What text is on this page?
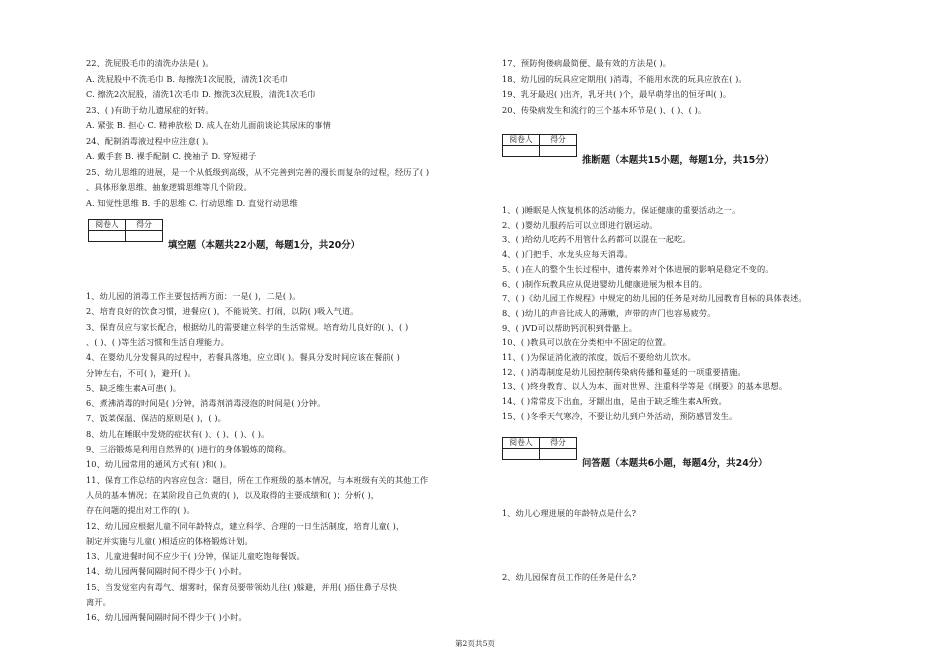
22、洗屁股毛巾的清洗办法是( )。
A. 洗屁股中不洗毛巾 B. 每擦洗1次屁股，清洗1次毛巾
C. 擦洗2次屁股，清洗1次毛巾 D. 擦洗3次屁股，清洗1次毛巾
23、( )有助于幼儿遗尿症的好转。
A. 紧张 B. 担心 C. 精神放松 D. 成人在幼儿面前谈论其尿床的事情
24、配制消毒液过程中应注意( )。
A. 戴手套 B. 裸手配制 C. 挽袖子 D. 穿短裙子
25、幼儿思维的进展，是一个从低级到高级，从不完善到完善的漫长而复杂的过程，经历了( )
、具体形象思维、抽象逻辑思维等几个阶段。
A. 知觉性思维 B. 手的思维 C. 行动思维 D. 直觉行动思维
阅卷人	得分

填空题（本题共22小题，每题1分，共20分）
1、幼儿园的消毒工作主要包括两方面：一是( )，二是( )。
2、培育良好的饮食习惯，进餐应( )，不能说笑、打闹，以防( )吸入气道。
3、保育员应与家长配合，根据幼儿的需要建立科学的生活常规。培育幼儿良好的( )、( )
、( )、( )等生活习惯和生活自理能力。
4、在婴幼儿分发餐具的过程中，若餐具落地，应立即( )。餐具分发时间应该在餐前( )
分钟左右，不可( )，避开( )。
5、缺乏维生素A可患( )。
6、煮沸消毒的时间是( )分钟，消毒剂消毒浸泡的时间是( )分钟。
7、饭菜保温、保洁的原则是( )，( )。
8、幼儿在睡眠中发烧的症状有( )、( )、( )、( )。
9、三浴锻炼是利用自然界的( )进行的身体锻炼的简称。
10、幼儿园常用的通风方式有( )和( )。
11、保育工作总结的内容应包含：题目，所在工作班级的基本情况，与本班级有关的其他工作
人员的基本情况；在某阶段自己负责的( )，以及取得的主要成绩和( )；分析( )，
存在问题的提出对工作的( )。
12、幼儿园应根据儿童不同年龄特点，建立科学、合理的一日生活制度，培育儿童( )，
制定并实施与儿童( )相适应的体格锻炼计划。
13、儿童进餐时间不应少于( )分钟，保证儿童吃饱每餐饭。
14、幼儿园两餐间隔时间不得少于( )小时。
15、当发觉室内有毒气、烟雾时，保育员要带领幼儿往( )躲避，并用( )捂住鼻子尽快
离开。
16、幼儿园两餐间隔时间不得少于( )小时。
17、预防佝偻病最简便、最有效的方法是( )。
18、幼儿园的玩具应定期用( )消毒，不能用水洗的玩具应放在( )。
19、乳牙最迟( )出齐，乳牙共( )个，最早萌芽出的恒牙叫( )。
20、传染病发生和流行的三个基本环节是( )、( )、( )。
阅卷人	得分

推断题（本题共15小题，每题1分，共15分）
1、( )睡眠是人恢复机体的活动能力，保证健康的重要活动之一。
2、( )婴幼儿服药后可以立即进行剧运动。
3、( )给幼儿吃药不用管什么药都可以混在一起吃。
4、( )门把手、水龙头应每天消毒。
5、( )在人的整个生长过程中，遗传素养对个体进展的影响是稳定不变的。
6、( )制作玩教具应从促进婴幼儿健康进展为根本目的。
7、( )《幼儿园工作规程》中规定的幼儿园的任务是对幼儿园教育目标的具体表述。
8、( )幼儿的声音比成人的薄嫩，声带的声门也容易疲劳。
9、( )VD可以帮助钙沉积到骨骼上。
10、( )教具可以放在分类柜中不固定的位置。
11、( )为保证消化液的浓度，饭后不要给幼儿饮水。
12、( )消毒制度是幼儿园控制传染病传播和蔓延的一项重要措施。
13、( )终身教育、以人为本、面对世界、注重科学等是《纲要》的基本思想。
14、( )常常皮下出血，牙龈出血，是由于缺乏维生素A所致。
15、( )冬季天气寒冷，不要让幼儿到户外活动，预防感冒发生。
阅卷人	得分

问答题（本题共6小题，每题4分，共24分）
1、幼儿心理进展的年龄特点是什么?
2、幼儿园保育员工作的任务是什么?
第2页共5页
